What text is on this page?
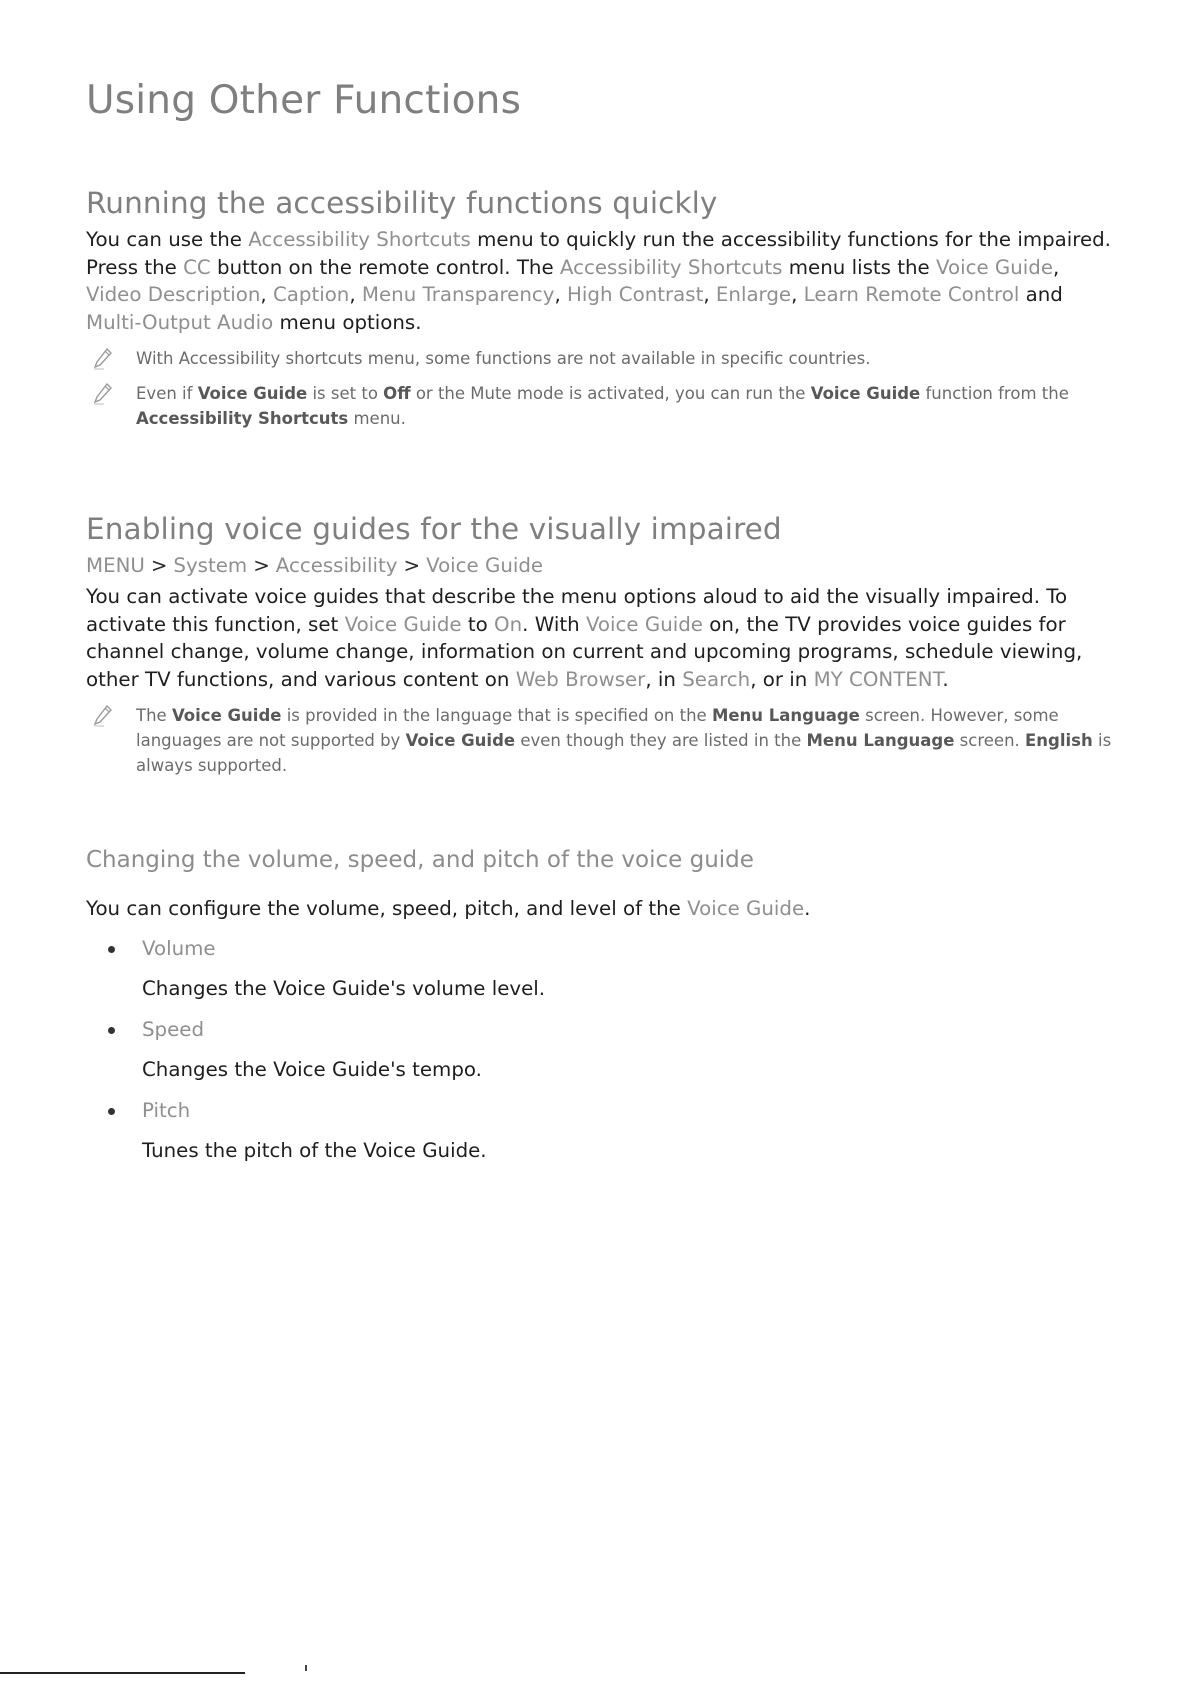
Using Other Functions
Running the accessibility functions quickly

You can use the Accessibility Shortcuts menu to quickly run the accessibility functions for the impaired. Press the CC button on the remote control. The Accessibility Shortcuts menu lists the Voice Guide, Video Description, Caption, Menu Transparency, High Contrast, Enlarge, Learn Remote Control and Multi-Output Audio menu options.

With Accessibility shortcuts menu, some functions are not available in specific countries.
Even if Voice Guide is set to Off or the Mute mode is activated, you can run the Voice Guide function from the Accessibility Shortcuts menu.
Enabling voice guides for the visually impaired
MENU > System > Accessibility > Voice Guide

You can activate voice guides that describe the menu options aloud to aid the visually impaired. To activate this function, set Voice Guide to On. With Voice Guide on, the TV provides voice guides for channel change, volume change, information on current and upcoming programs, schedule viewing, other TV functions, and various content on Web Browser, in Search, or in MY CONTENT.

The Voice Guide is provided in the language that is specified on the Menu Language screen. However, some languages are not supported by Voice Guide even though they are listed in the Menu Language screen. English is always supported.
Changing the volume, speed, and pitch of the voice guide

You can configure the volume, speed, pitch, and level of the Voice Guide.

Volume
Changes the Voice Guide's volume level.
Speed
Changes the Voice Guide's tempo.
Pitch
Tunes the pitch of the Voice Guide.
